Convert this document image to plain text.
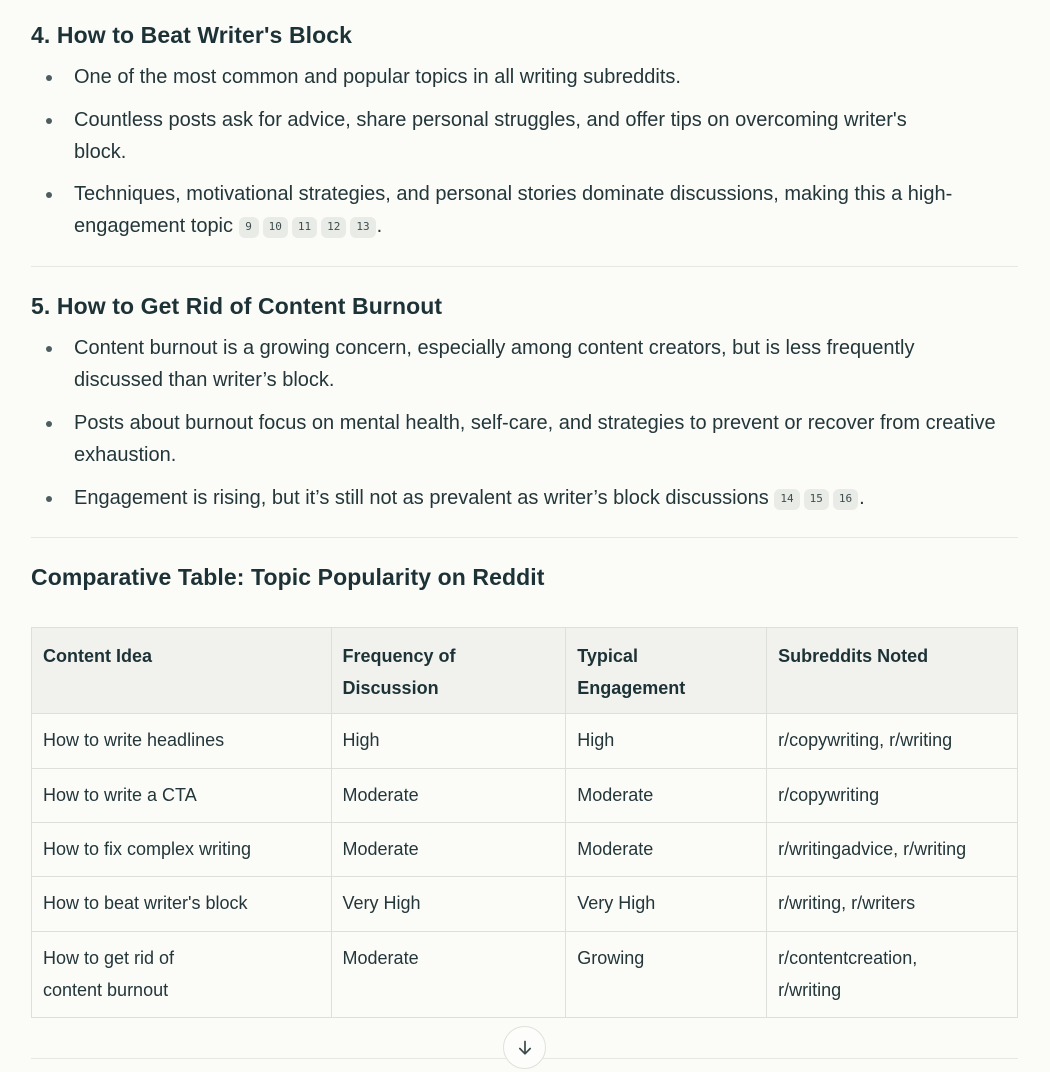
4. How to Beat Writer's Block
One of the most common and popular topics in all writing subreddits.
Countless posts ask for advice, share personal struggles, and offer tips on overcoming writer's block.
Techniques, motivational strategies, and personal stories dominate discussions, making this a high-engagement topic 9 10 11 12 13 .
5. How to Get Rid of Content Burnout
Content burnout is a growing concern, especially among content creators, but is less frequently discussed than writer’s block.
Posts about burnout focus on mental health, self-care, and strategies to prevent or recover from creative exhaustion.
Engagement is rising, but it’s still not as prevalent as writer’s block discussions 14 15 16 .
Comparative Table: Topic Popularity on Reddit
Content Idea	Frequency of Discussion	Typical Engagement	Subreddits Noted
How to write headlines	High	High	r/copywriting, r/writing
How to write a CTA	Moderate	Moderate	r/copywriting
How to fix complex writing	Moderate	Moderate	r/writingadvice, r/writing
How to beat writer's block	Very High	Very High	r/writing, r/writers
How to get rid of content burnout	Moderate	Growing	r/contentcreation, r/writing
